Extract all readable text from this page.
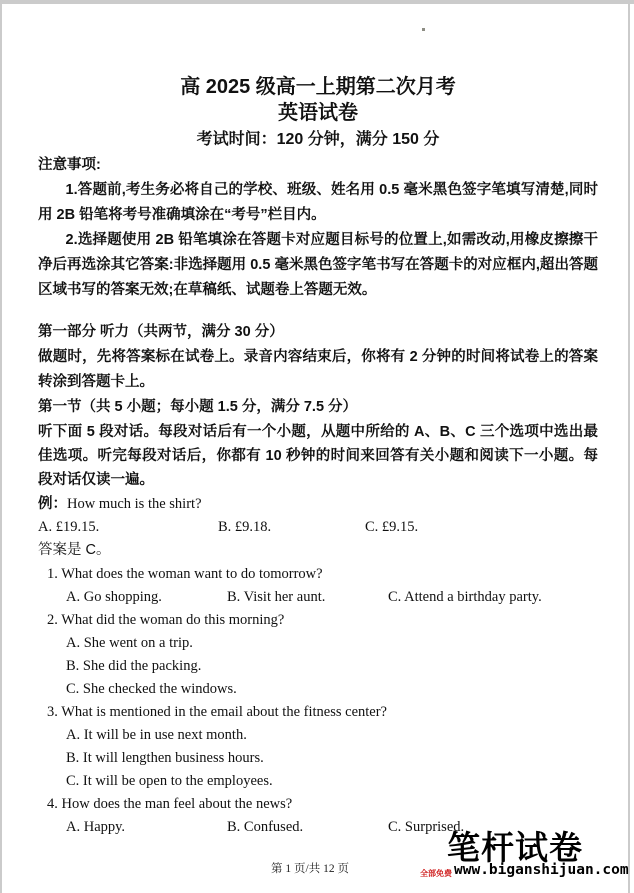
高 2025 级高一上期第二次月考
英语试卷
考试时间：120 分钟，满分 150 分
注意事项:

1.答题前,考生务必将自己的学校、班级、姓名用 0.5 毫米黑色签字笔填写清楚,同时用 2B 铅笔将考号准确填涂在“考号”栏目内。

2.选择题使用 2B 铅笔填涂在答题卡对应题目标号的位置上,如需改动,用橡皮擦擦干净后再选涂其它答案:非选择题用 0.5 毫米黑色签字笔书写在答题卡的对应框内,超出答题区域书写的答案无效;在草稿纸、试题卷上答题无效。

第一部分 听力（共两节，满分 30 分）

做题时，先将答案标在试卷上。录音内容结束后，你将有 2 分钟的时间将试卷上的答案转涂到答题卡上。

第一节（共 5 小题；每小题 1.5 分，满分 7.5 分）

听下面 5 段对话。每段对话后有一个小题，从题中所给的 A、B、C 三个选项中选出最佳选项。听完每段对话后，你都有 10 秒钟的时间来回答有关小题和阅读下一小题。每段对话仅读一遍。

例：How much is the shirt?
A. £19.15.	B. £9.18.	C. £9.15.
答案是 C。
1. What does the woman want to do tomorrow?
A. Go shopping.	B. Visit her aunt.	C. Attend a birthday party.
2. What did the woman do this morning?
A. She went on a trip.
B. She did the packing.
C. She checked the windows.
3. What is mentioned in the email about the fitness center?
A. It will be in use next month.
B. It will lengthen business hours.
C. It will be open to the employees.
4. How does the man feel about the news?
A. Happy.	B. Confused.	C. Surprised.
第 1 页/共 12 页
笔杆试卷
全部免费 www.biganshijuan.com
